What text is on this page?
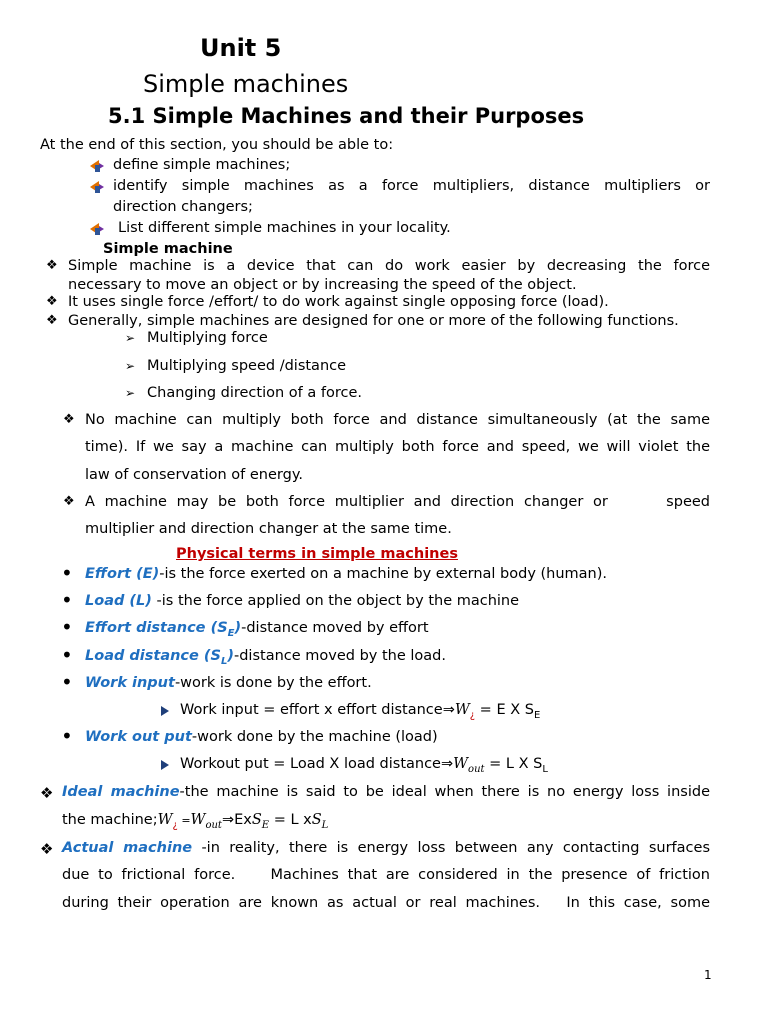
Unit 5
Simple machines
5.1 Simple Machines and their Purposes
At the end of this section, you should be able to:
define simple machines;
identify simple machines as a force multipliers, distance multipliers or
direction changers;
List different simple machines in your locality.
Simple machine
❖ Simple machine is a device that can do work easier by decreasing the force
necessary to move an object or by increasing the speed of the object.
❖ It uses single force /effort/ to do work against single opposing force (load).
❖ Generally, simple machines are designed for one or more of the following functions.
➢ Multiplying force
➢ Multiplying speed /distance
➢ Changing direction of a force.
❖ No machine can multiply both force and distance simultaneously (at the same
time). If we say a machine can multiply both force and speed, we will violet the
law of conservation of energy.
❖ A machine may be both force multiplier and direction changer or      speed
multiplier and direction changer at the same time.
Physical terms in simple machines
• Effort (E)-is the force exerted on a machine by external body (human).
• Load (L) -is the force applied on the object by the machine
• Effort distance $(S_E)$-distance moved by effort
• Load distance $(S_L)$-distance moved by the load.
• Work input-work is done by the effort.
Work input = effort x effort $distance\Rightarrow W_¿ = E$ X $S_E$
• Work out put-work done by the machine (load)
Workout put = Load X load $distance\Rightarrow W_{out} = L$ X $S_L$
❖ Ideal machine-the machine is said to be ideal when there is no energy loss inside
the $machine;W_¿$ $=W_{out}\Rightarrow ExS_E = L$ $xS_L$
❖ Actual machine -in reality, there is energy loss between any contacting surfaces
due to frictional force.    Machines that are considered in the presence of friction
during their operation are known as actual or real machines.   In this case, some
1
